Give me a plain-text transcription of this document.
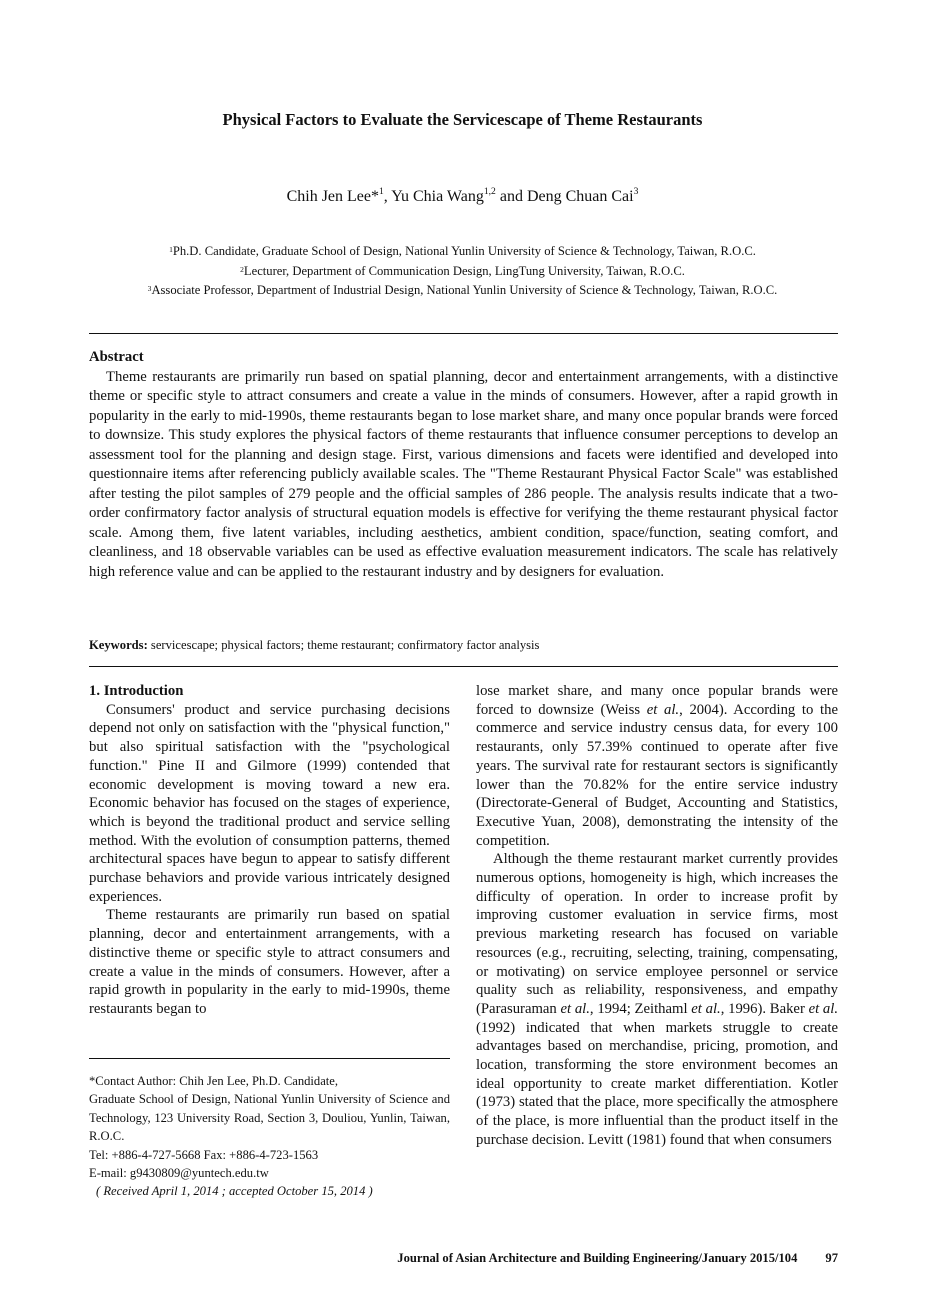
Physical Factors to Evaluate the Servicescape of Theme Restaurants
Chih Jen Lee*$^1$, Yu Chia Wang$^{1,2}$ and Deng Chuan Cai$^3$
$^1$Ph.D. Candidate, Graduate School of Design, National Yunlin University of Science & Technology, Taiwan, R.O.C.
$^2$Lecturer, Department of Communication Design, LingTung University, Taiwan, R.O.C.
$^3$Associate Professor, Department of Industrial Design, National Yunlin University of Science & Technology, Taiwan, R.O.C.
Abstract

Theme restaurants are primarily run based on spatial planning, decor and entertainment arrangements, with a distinctive theme or specific style to attract consumers and create a value in the minds of consumers. However, after a rapid growth in popularity in the early to mid-1990s, theme restaurants began to lose market share, and many once popular brands were forced to downsize. This study explores the physical factors of theme restaurants that influence consumer perceptions to develop an assessment tool for the planning and design stage. First, various dimensions and facets were identified and developed into questionnaire items after referencing publicly available scales. The "Theme Restaurant Physical Factor Scale" was established after testing the pilot samples of 279 people and the official samples of 286 people. The analysis results indicate that a two-order confirmatory factor analysis of structural equation models is effective for verifying the theme restaurant physical factor scale. Among them, five latent variables, including aesthetics, ambient condition, space/function, seating comfort, and cleanliness, and 18 observable variables can be used as effective evaluation measurement indicators. The scale has relatively high reference value and can be applied to the restaurant industry and by designers for evaluation.

Keywords: servicescape; physical factors; theme restaurant; confirmatory factor analysis
1. Introduction

Consumers' product and service purchasing decisions depend not only on satisfaction with the "physical function," but also spiritual satisfaction with the "psychological function." Pine II and Gilmore (1999) contended that economic development is moving toward a new era. Economic behavior has focused on the stages of experience, which is beyond the traditional product and service selling method. With the evolution of consumption patterns, themed architectural spaces have begun to appear to satisfy different purchase behaviors and provide various intricately designed experiences.

Theme restaurants are primarily run based on spatial planning, decor and entertainment arrangements, with a distinctive theme or specific style to attract consumers and create a value in the minds of consumers. However, after a rapid growth in popularity in the early to mid-1990s, theme restaurants began to

lose market share, and many once popular brands were forced to downsize (Weiss et al., 2004). According to the commerce and service industry census data, for every 100 restaurants, only 57.39% continued to operate after five years. The survival rate for restaurant sectors is significantly lower than the 70.82% for the entire service industry (Directorate-General of Budget, Accounting and Statistics, Executive Yuan, 2008), demonstrating the intensity of the competition.

Although the theme restaurant market currently provides numerous options, homogeneity is high, which increases the difficulty of operation. In order to increase profit by improving customer evaluation in service firms, most previous marketing research has focused on variable resources (e.g., recruiting, selecting, training, compensating, or motivating) on service employee personnel or service quality such as reliability, responsiveness, and empathy (Parasuraman et al., 1994; Zeithaml et al., 1996). Baker et al. (1992) indicated that when markets struggle to create advantages based on merchandise, pricing, promotion, and location, transforming the store environment becomes an ideal opportunity to create market differentiation. Kotler (1973) stated that the place, more specifically the atmosphere of the place, is more influential than the product itself in the purchase decision. Levitt (1981) found that when consumers

*Contact Author: Chih Jen Lee, Ph.D. Candidate,
Graduate School of Design, National Yunlin University of Science and Technology, 123 University Road, Section 3, Douliou, Yunlin, Taiwan, R.O.C.
Tel: +886-4-727-5668 Fax: +886-4-723-1563
E-mail: g9430809@yuntech.edu.tw
( Received April 1, 2014 ; accepted October 15, 2014 )
Journal of Asian Architecture and Building Engineering/January 2015/104 97
